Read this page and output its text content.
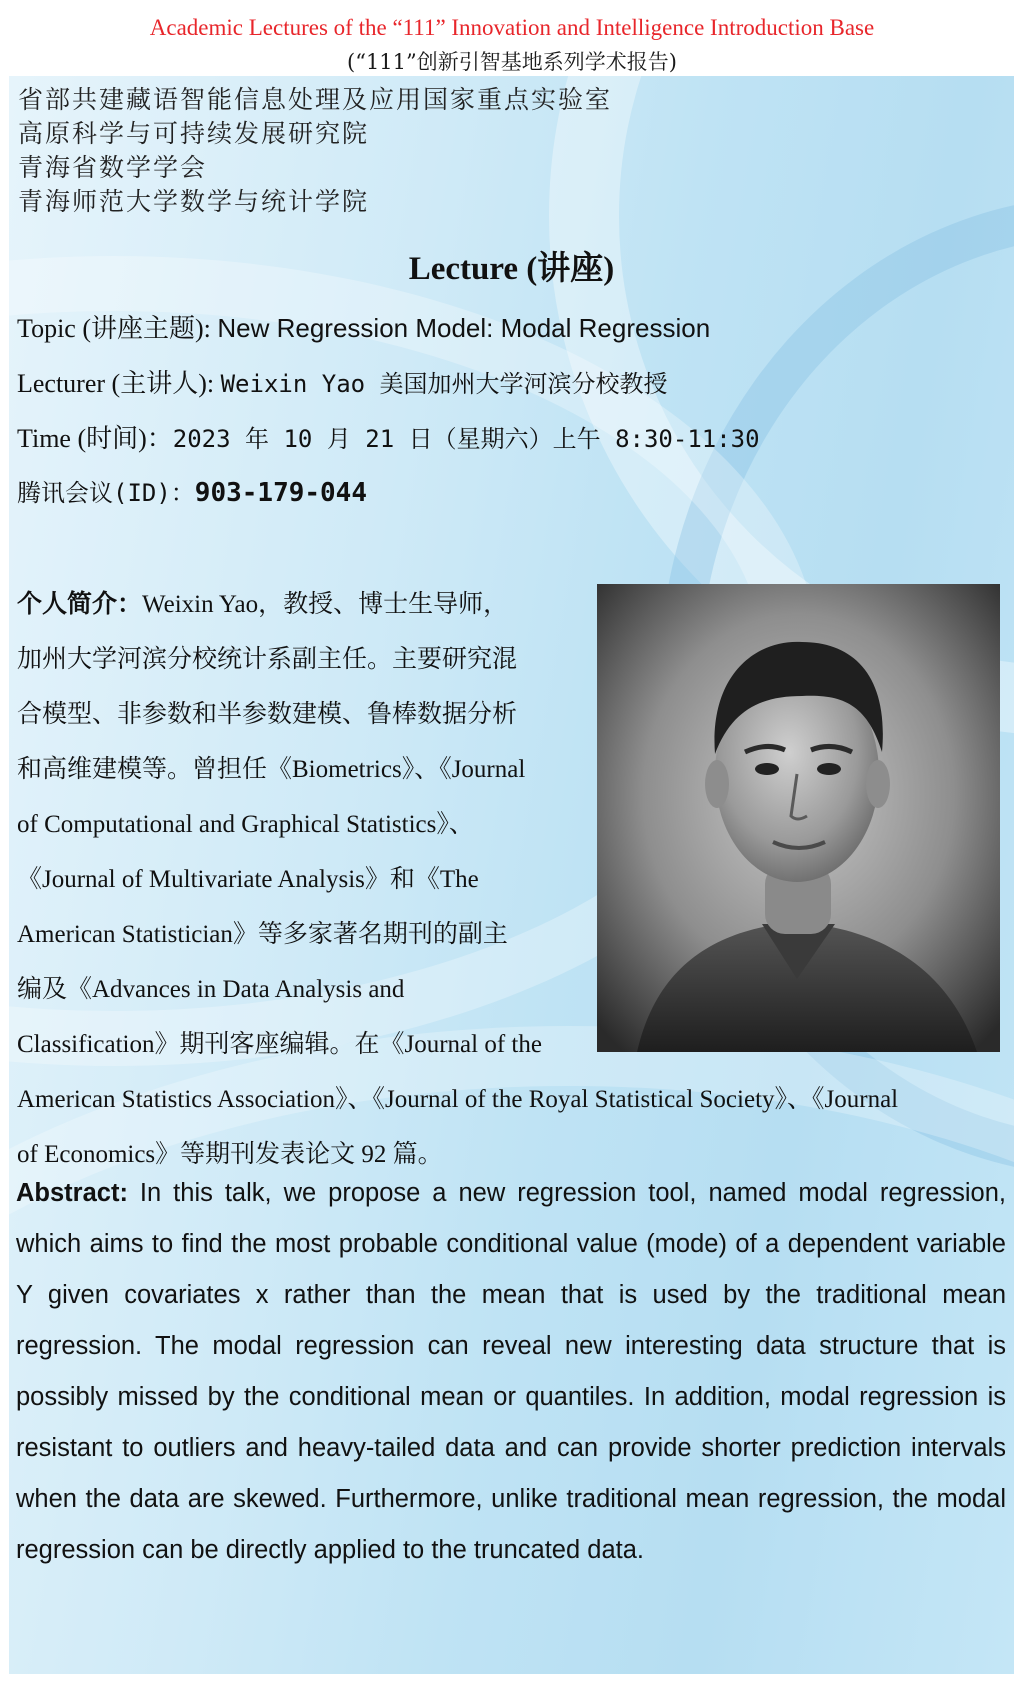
Academic Lectures of the “111” Innovation and Intelligence Introduction Base
(“111”创新引智基地系列学术报告)
省部共建藏语智能信息处理及应用国家重点实验室
高原科学与可持续发展研究院
青海省数学学会
青海师范大学数学与统计学院
Lecture (讲座)
Topic (讲座主题): New Regression Model: Modal Regression
Lecturer (主讲人): Weixin Yao 美国加州大学河滨分校教授
Time (时间)：2023 年 10 月 21 日（星期六）上午 8:30-11:30
腾讯会议(ID)：903-179-044
个人简介：Weixin Yao，教授、博士生导师，
加州大学河滨分校统计系副主任。主要研究混
合模型、非参数和半参数建模、鲁棒数据分析
和高维建模等。曾担任《Biometrics》、《Journal
of Computational and Graphical Statistics》、
《Journal of Multivariate Analysis》和《The
American Statistician》等多家著名期刊的副主
编及《Advances in Data Analysis and
Classification》期刊客座编辑。在《Journal of the
American Statistics Association》、《Journal of the Royal Statistical Society》、《Journal
of Economics》等期刊发表论文 92 篇。
Abstract: In this talk, we propose a new regression tool, named modal regression, which aims to find the most probable conditional value (mode) of a dependent variable Y given covariates x rather than the mean that is used by the traditional mean regression. The modal regression can reveal new interesting data structure that is possibly missed by the conditional mean or quantiles. In addition, modal regression is resistant to outliers and heavy-tailed data and can provide shorter prediction intervals when the data are skewed. Furthermore, unlike traditional mean regression, the modal regression can be directly applied to the truncated data.
